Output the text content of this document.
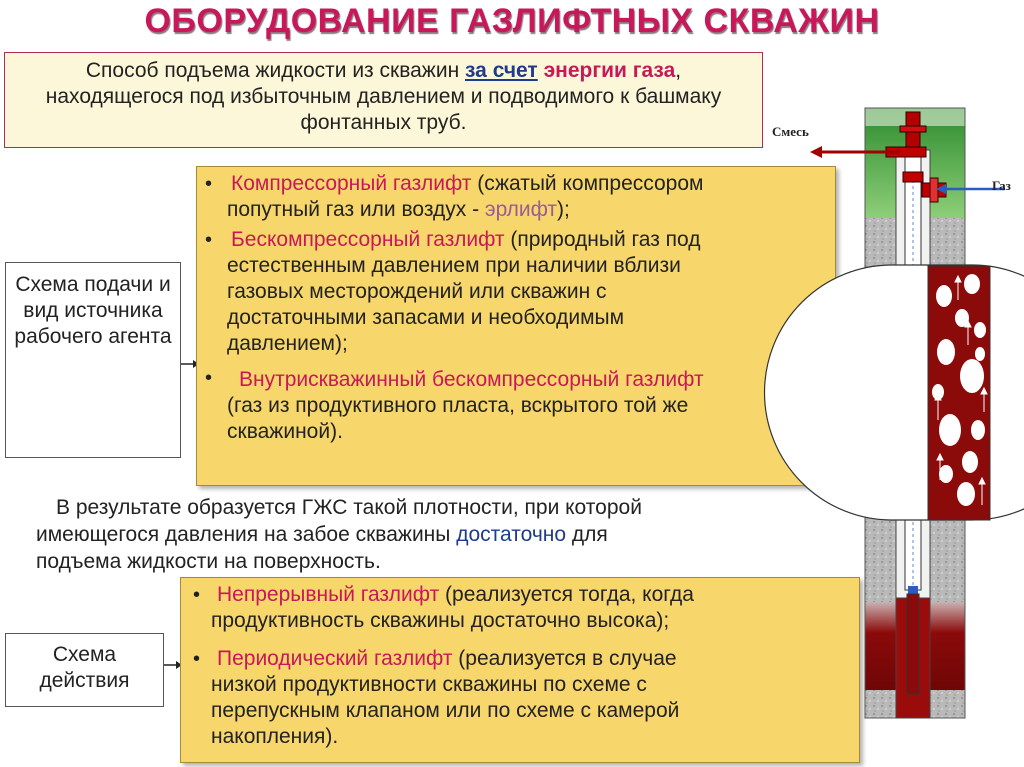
ОБОРУДОВАНИЕ ГАЗЛИФТНЫХ СКВАЖИН
Способ подъема жидкости из скважин за счет энергии газа, находящегося под избыточным давлением и подводимого к башмаку фонтанных труб.
Схема подачи и вид источника рабочего агента
• Компрессорный газлифт (сжатый компрессором
попутный газ или воздух - эрлифт);
• Бескомпрессорный газлифт (природный газ под
естественным давлением при наличии вблизи
газовых месторождений или скважин с
достаточными запасами и необходимым
давлением);
• Внутрискважинный бескомпрессорный газлифт
(газ из продуктивного пласта, вскрытого той же
скважиной).
В результате образуется ГЖС такой плотности, при которой
имеющегося давления на забое скважины достаточно для
подъема жидкости на поверхность.
Схема действия
• Непрерывный газлифт (реализуется тогда, когда
продуктивность скважины достаточно высока);
• Периодический газлифт (реализуется в случае
низкой продуктивности скважины по схеме с
перепускным клапаном или по схеме с камерой
накопления).
Смесь
Газ
